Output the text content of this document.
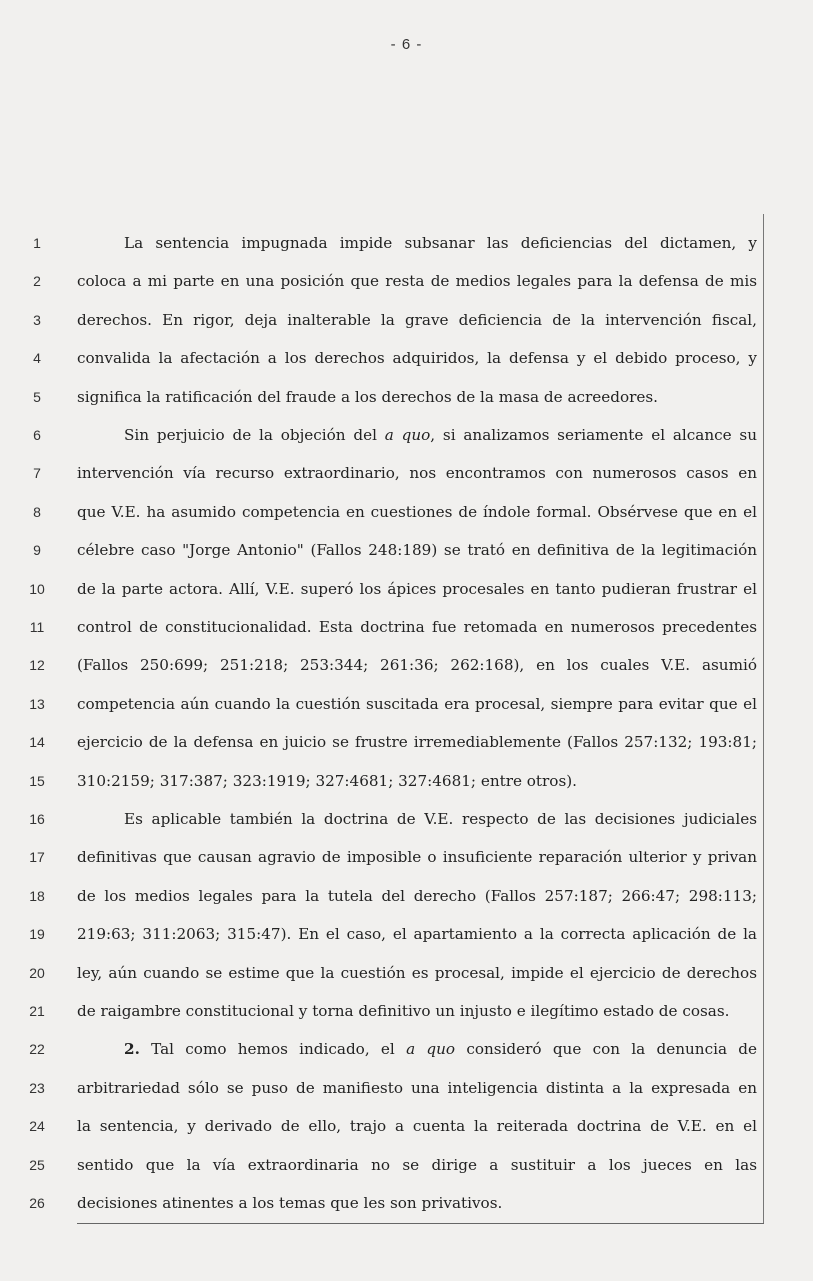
- 6 -
1	La sentencia impugnada impide subsanar las deficiencias del dictamen, y
2	coloca a mi parte en una posición que resta de medios legales para la defensa de mis
3	derechos. En rigor, deja inalterable la grave deficiencia de la intervención fiscal,
4	convalida la afectación a los derechos adquiridos, la defensa y el debido proceso, y
5	significa la ratificación del fraude a los derechos de la masa de acreedores.
6	Sin perjuicio de la objeción del a quo, si analizamos seriamente el alcance su
7	intervención vía recurso extraordinario, nos encontramos con numerosos casos en
8	que V.E. ha asumido competencia en cuestiones de índole formal. Obsérvese que en el
9	célebre caso "Jorge Antonio" (Fallos 248:189) se trató en definitiva de la legitimación
10	de la parte actora. Allí, V.E. superó los ápices procesales en tanto pudieran frustrar el
11	control de constitucionalidad. Esta doctrina fue retomada en numerosos precedentes
12	(Fallos 250:699; 251:218; 253:344; 261:36; 262:168), en los cuales V.E. asumió
13	competencia aún cuando la cuestión suscitada era procesal, siempre para evitar que el
14	ejercicio de la defensa en juicio se frustre irremediablemente (Fallos 257:132; 193:81;
15	310:2159; 317:387; 323:1919; 327:4681; 327:4681; entre otros).
16	Es aplicable también la doctrina de V.E. respecto de las decisiones judiciales
17	definitivas que causan agravio de imposible o insuficiente reparación ulterior y privan
18	de los medios legales para la tutela del derecho (Fallos 257:187; 266:47; 298:113;
19	219:63; 311:2063; 315:47). En el caso, el apartamiento a la correcta aplicación de la
20	ley, aún cuando se estime que la cuestión es procesal, impide el ejercicio de derechos
21	de raigambre constitucional y torna definitivo un injusto e ilegítimo estado de cosas.
22	2. Tal como hemos indicado, el a quo consideró que con la denuncia de
23	arbitrariedad sólo se puso de manifiesto una inteligencia distinta a la expresada en
24	la sentencia, y derivado de ello, trajo a cuenta la reiterada doctrina de V.E. en el
25	sentido que la vía extraordinaria no se dirige a sustituir a los jueces en las
26	decisiones atinentes a los temas que les son privativos.
